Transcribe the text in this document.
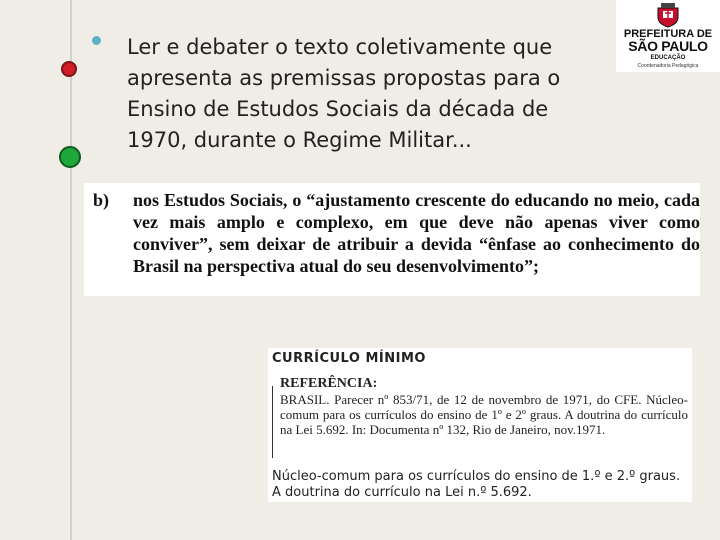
Ler e debater o texto coletivamente que apresenta as premissas propostas para o Ensino de Estudos Sociais da década de 1970, durante o Regime Militar...

PREFEITURA DE
SÃO PAULO
EDUCAÇÃO
Coordenadoria Pedagógica
b) nos Estudos Sociais, o “ajustamento crescente do educando no meio, cada vez mais amplo e complexo, em que deve não apenas viver como conviver”, sem deixar de atribuir a devida “ênfase ao conhecimento do Brasil na perspectiva atual do seu desenvolvimento”;
CURRÍCULO MÍNIMO
REFERÊNCIA:
BRASIL. Parecer nº 853/71, de 12 de novembro de 1971, do CFE. Núcleo-comum para os currículos do ensino de 1º e 2º graus. A doutrina do currículo na Lei 5.692. In: Documenta nº 132, Rio de Janeiro, nov.1971.
Núcleo-comum para os currículos do ensino de 1.º e 2.º graus. A doutrina do currículo na Lei n.º 5.692.
